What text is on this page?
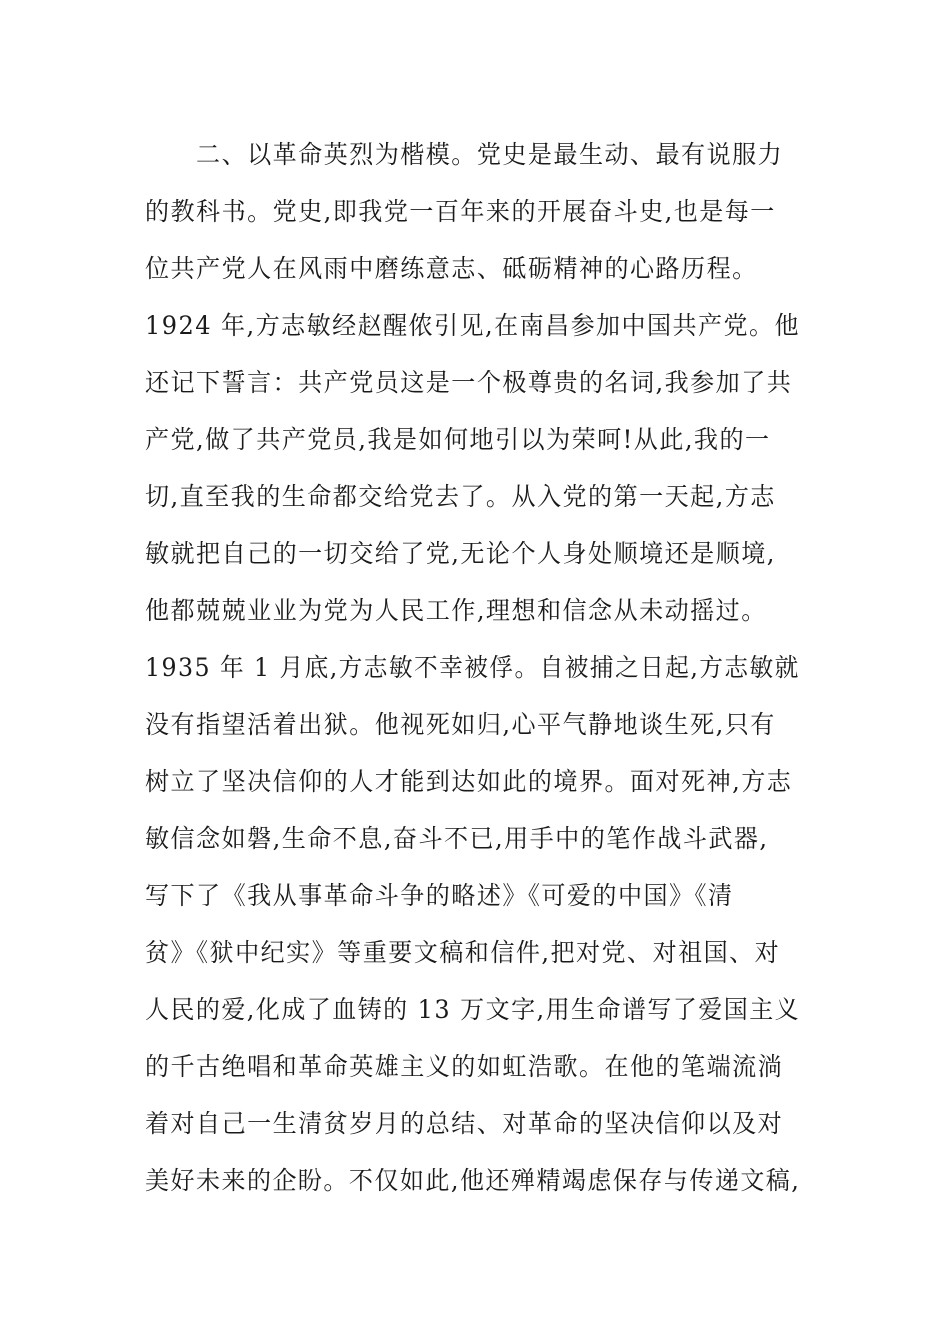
　　二、以革命英烈为楷模。党史是最生动、最有说服力
的教科书。党史,即我党一百年来的开展奋斗史,也是每一
位共产党人在风雨中磨练意志、砥砺精神的心路历程。
1924 年,方志敏经赵醒侬引见,在南昌参加中国共产党。他
还记下誓言：共产党员这是一个极尊贵的名词,我参加了共
产党,做了共产党员,我是如何地引以为荣呵!从此,我的一
切,直至我的生命都交给党去了。从入党的第一天起,方志
敏就把自己的一切交给了党,无论个人身处顺境还是顺境,
他都兢兢业业为党为人民工作,理想和信念从未动摇过。
1935 年 1 月底,方志敏不幸被俘。自被捕之日起,方志敏就
没有指望活着出狱。他视死如归,心平气静地谈生死,只有
树立了坚决信仰的人才能到达如此的境界。面对死神,方志
敏信念如磐,生命不息,奋斗不已,用手中的笔作战斗武器,
写下了《我从事革命斗争的略述》《可爱的中国》《清
贫》《狱中纪实》等重要文稿和信件,把对党、对祖国、对
人民的爱,化成了血铸的 13 万文字,用生命谱写了爱国主义
的千古绝唱和革命英雄主义的如虹浩歌。在他的笔端流淌
着对自己一生清贫岁月的总结、对革命的坚决信仰以及对
美好未来的企盼。不仅如此,他还殚精竭虑保存与传递文稿,
